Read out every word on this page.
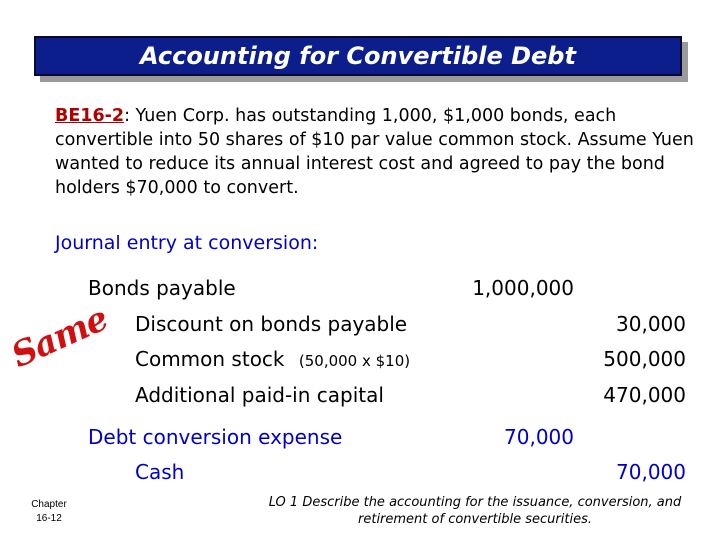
Accounting for Convertible Debt
BE16-2: Yuen Corp. has outstanding 1,000, $1,000 bonds, each convertible into 50 shares of $10 par value common stock. Assume Yuen wanted to reduce its annual interest cost and agreed to pay the bond holders $70,000 to convert.
Journal entry at conversion:
Bonds payable	1,000,000
Discount on bonds payable	30,000
Common stock (50,000 x $10)	500,000
Additional paid-in capital	470,000
Debt conversion expense	70,000
Cash	70,000
Same
Chapter
16-12
LO 1 Describe the accounting for the issuance, conversion, and retirement of convertible securities.
